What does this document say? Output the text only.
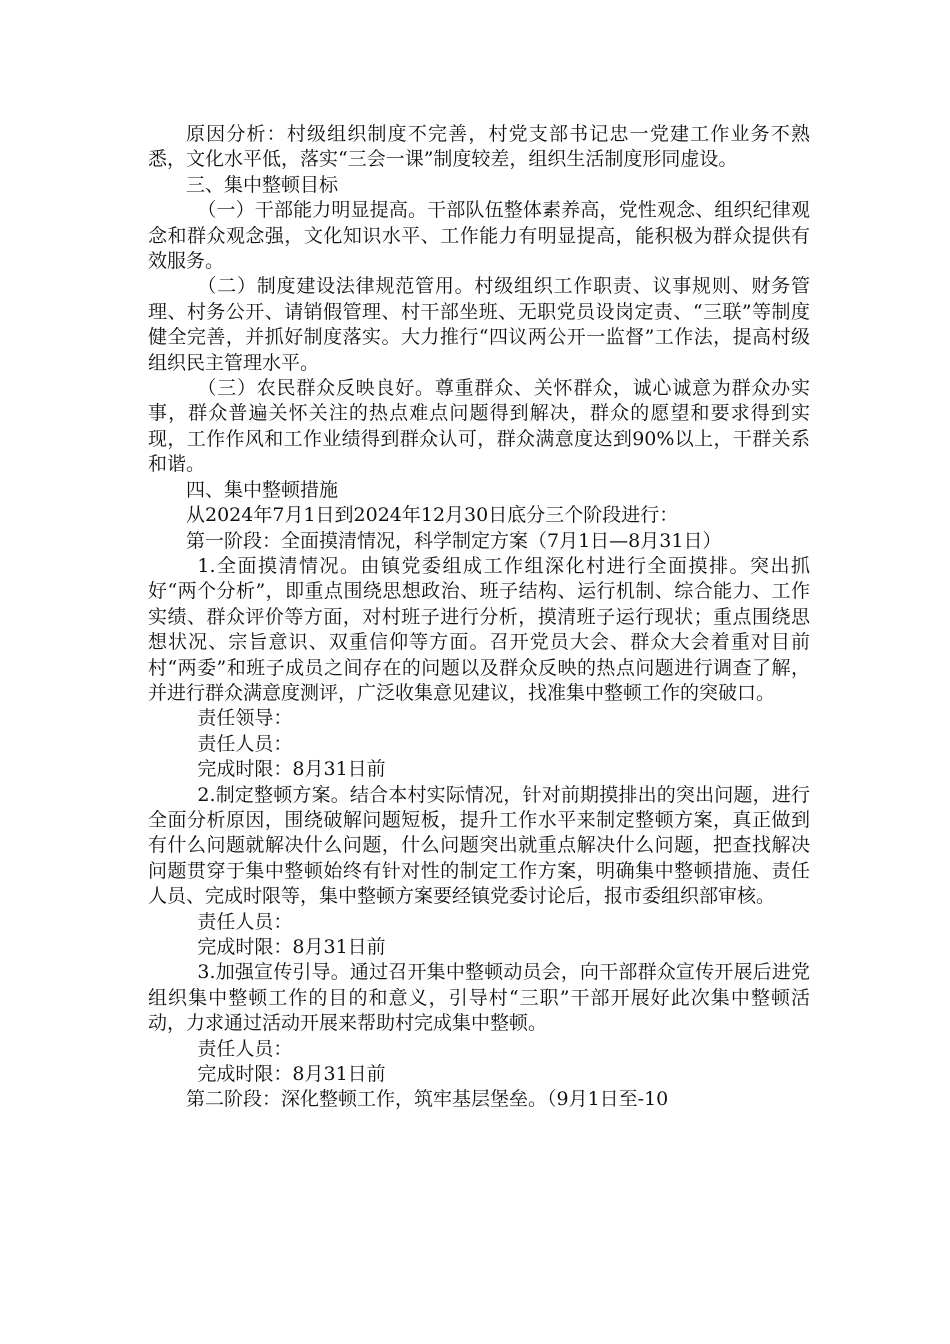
原因分析：村级组织制度不完善，村党支部书记忠一党建工作业务不熟悉，文化水平低，落实“三会一课”制度较差，组织生活制度形同虚设。

三、集中整顿目标

（一）干部能力明显提高。干部队伍整体素养高，党性观念、组织纪律观念和群众观念强，文化知识水平、工作能力有明显提高，能积极为群众提供有效服务。

（二）制度建设法律规范管用。村级组织工作职责、议事规则、财务管理、村务公开、请销假管理、村干部坐班、无职党员设岗定责、“三联”等制度健全完善，并抓好制度落实。大力推行“四议两公开一监督”工作法，提高村级组织民主管理水平。

（三）农民群众反映良好。尊重群众、关怀群众，诚心诚意为群众办实事，群众普遍关怀关注的热点难点问题得到解决，群众的愿望和要求得到实现，工作作风和工作业绩得到群众认可，群众满意度达到90%以上，干群关系和谐。

四、集中整顿措施

从2024年7月1日到2024年12月30日底分三个阶段进行：

第一阶段：全面摸清情况，科学制定方案（7月1日—8月31日）

1.全面摸清情况。由镇党委组成工作组深化村进行全面摸排。突出抓好“两个分析”，即重点围绕思想政治、班子结构、运行机制、综合能力、工作实绩、群众评价等方面，对村班子进行分析，摸清班子运行现状；重点围绕思想状况、宗旨意识、双重信仰等方面。召开党员大会、群众大会着重对目前村“两委”和班子成员之间存在的问题以及群众反映的热点问题进行调查了解，并进行群众满意度测评，广泛收集意见建议，找准集中整顿工作的突破口。

责任领导：

责任人员：

完成时限：8月31日前

2.制定整顿方案。结合本村实际情况，针对前期摸排出的突出问题，进行全面分析原因，围绕破解问题短板，提升工作水平来制定整顿方案，真正做到有什么问题就解决什么问题，什么问题突出就重点解决什么问题，把查找解决问题贯穿于集中整顿始终有针对性的制定工作方案，明确集中整顿措施、责任人员、完成时限等，集中整顿方案要经镇党委讨论后，报市委组织部审核。

责任人员：

完成时限：8月31日前

3.加强宣传引导。通过召开集中整顿动员会，向干部群众宣传开展后进党组织集中整顿工作的目的和意义，引导村“三职”干部开展好此次集中整顿活动，力求通过活动开展来帮助村完成集中整顿。

责任人员：

完成时限：8月31日前

第二阶段：深化整顿工作，筑牢基层堡垒。（9月1日至-10
